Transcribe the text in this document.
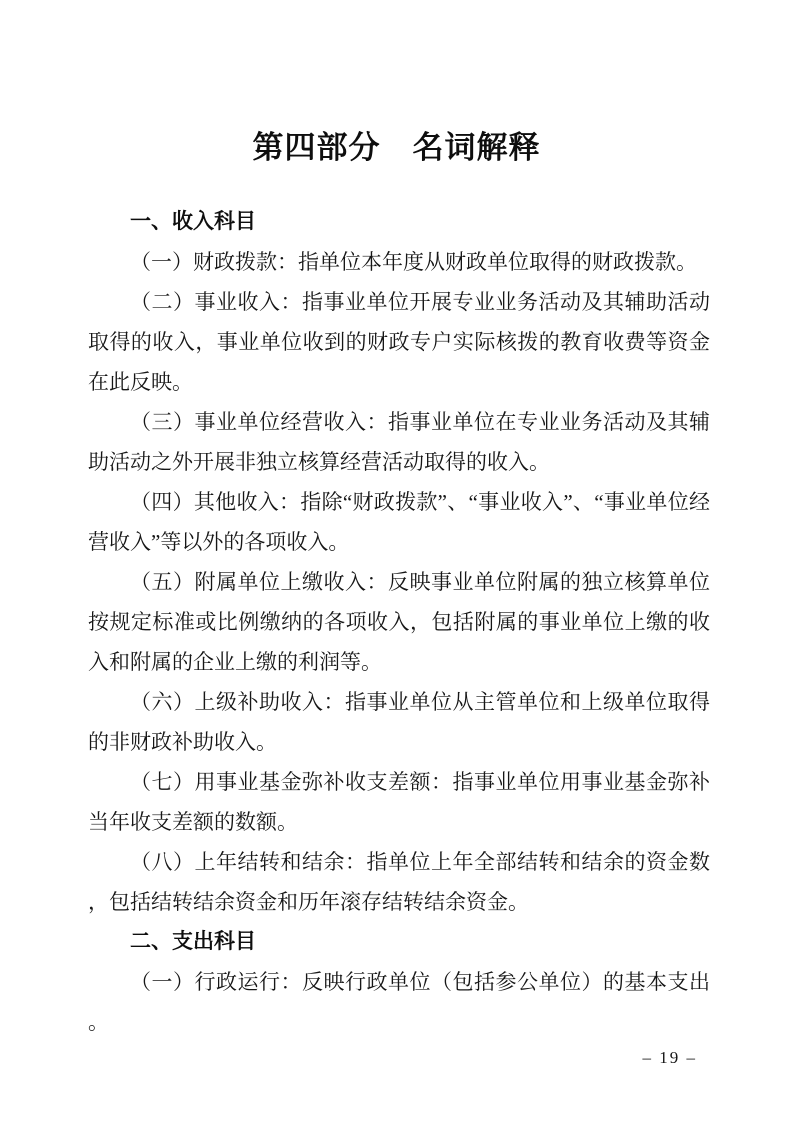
第四部分　名词解释
一、收入科目

（一）财政拨款：指单位本年度从财政单位取得的财政拨款。

（二）事业收入：指事业单位开展专业业务活动及其辅助活动取得的收入，事业单位收到的财政专户实际核拨的教育收费等资金在此反映。

（三）事业单位经营收入：指事业单位在专业业务活动及其辅助活动之外开展非独立核算经营活动取得的收入。

（四）其他收入：指除“财政拨款”、“事业收入”、“事业单位经营收入”等以外的各项收入。

（五）附属单位上缴收入：反映事业单位附属的独立核算单位按规定标准或比例缴纳的各项收入，包括附属的事业单位上缴的收入和附属的企业上缴的利润等。

（六）上级补助收入：指事业单位从主管单位和上级单位取得的非财政补助收入。

（七）用事业基金弥补收支差额：指事业单位用事业基金弥补当年收支差额的数额。

（八）上年结转和结余：指单位上年全部结转和结余的资金数，包括结转结余资金和历年滚存结转结余资金。

二、支出科目

（一）行政运行：反映行政单位（包括参公单位）的基本支出。

– 19 –
